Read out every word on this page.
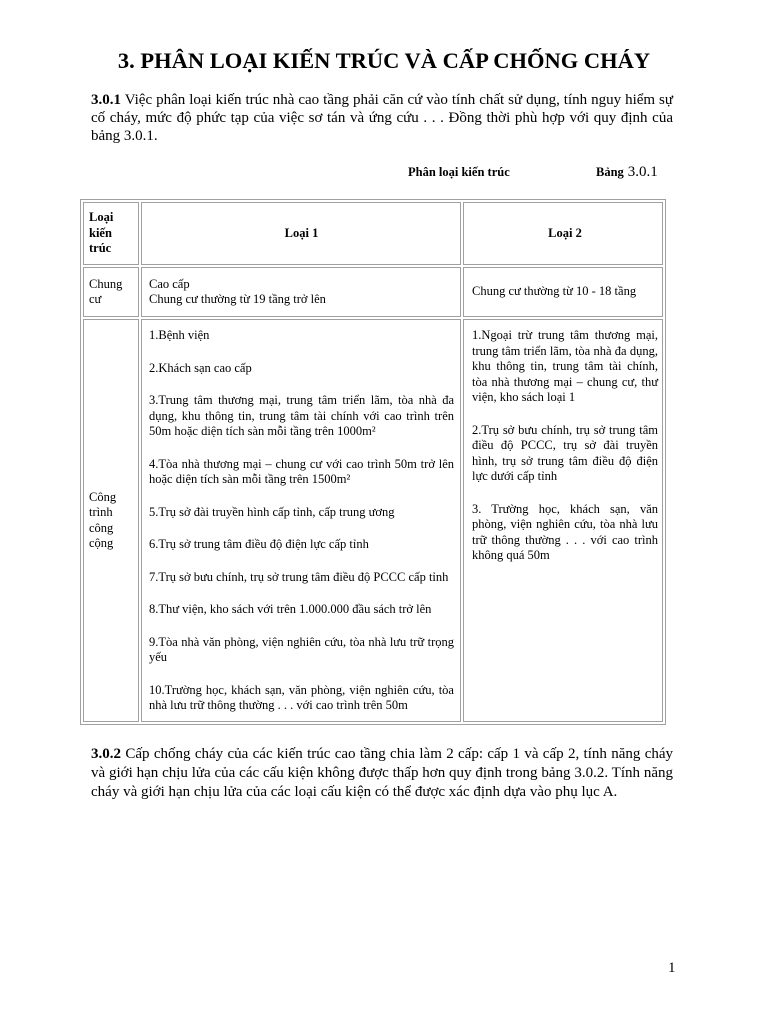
3. PHÂN LOẠI KIẾN TRÚC VÀ CẤP CHỐNG CHÁY

3.0.1 Việc phân loại kiến trúc nhà cao tầng phải căn cứ vào tính chất sử dụng, tính nguy hiểm sự cố cháy, mức độ phức tạp của việc sơ tán và ứng cứu . . . Đồng thời phù hợp với quy định của bảng 3.0.1.

Phân loại kiến trúc	Bảng 3.0.1
Loại kiến trúc
Loại 1	Loại 2
Chung cư
Cao cấp
Chung cư thường từ 19 tầng trở lên
Chung cư thường từ 10 - 18 tầng
Công trình công cộng
1.Bệnh viện
2.Khách sạn cao cấp
3.Trung tâm thương mại, trung tâm triển lãm, tòa nhà đa dụng, khu thông tin, trung tâm tài chính với cao trình trên 50m hoặc diện tích sàn mỗi tầng trên 1000m²
4.Tòa nhà thương mại – chung cư với cao trình 50m trở lên hoặc diện tích sàn mỗi tầng trên 1500m²
5.Trụ sở đài truyền hình cấp tỉnh, cấp trung ương
6.Trụ sở trung tâm điều độ điện lực cấp tỉnh
7.Trụ sở bưu chính, trụ sở trung tâm điều độ PCCC cấp tỉnh
8.Thư viện, kho sách với trên 1.000.000 đầu sách trở lên
9.Tòa nhà văn phòng, viện nghiên cứu, tòa nhà lưu trữ trọng yếu
10.Trường học, khách sạn, văn phòng, viện nghiên cứu, tòa nhà lưu trữ thông thường . . . với cao trình trên 50m
1.Ngoại trừ trung tâm thương mại, trung tâm triển lãm, tòa nhà đa dụng, khu thông tin, trung tâm tài chính, tòa nhà thương mại – chung cư, thư viện, kho sách loại 1
2.Trụ sở bưu chính, trụ sở trung tâm điều độ PCCC, trụ sở đài truyền hình, trụ sở trung tâm điều độ điện lực dưới cấp tỉnh
3. Trường học, khách sạn, văn phòng, viện nghiên cứu, tòa nhà lưu trữ thông thường . . . với cao trình không quá 50m

3.0.2 Cấp chống cháy của các kiến trúc cao tầng chia làm 2 cấp: cấp 1 và cấp 2, tính năng cháy và giới hạn chịu lửa của các cấu kiện không được thấp hơn quy định trong bảng 3.0.2. Tính năng cháy và giới hạn chịu lửa của các loại cấu kiện có thể được xác định dựa vào phụ lục A.

1
